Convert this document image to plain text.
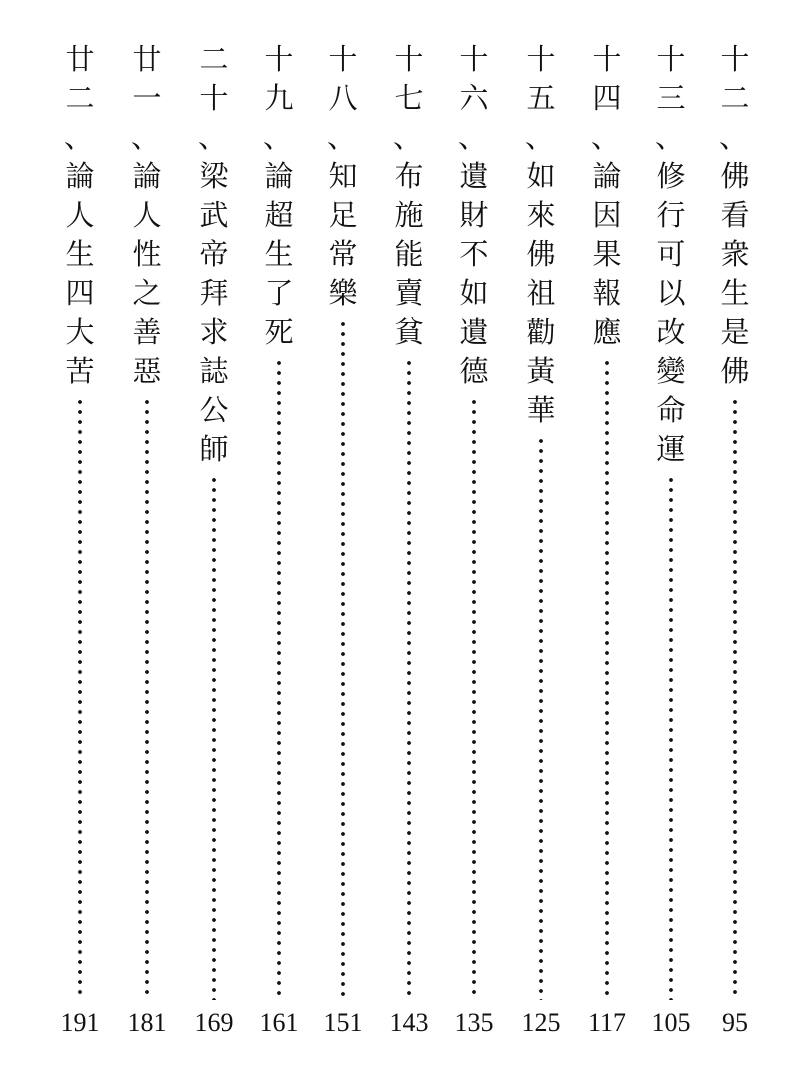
十
二
、
佛
看
衆
生
是
佛
95
十
三
、
修
行
可
以
改
變
命
運
105
十
四
、
論
因
果
報
應
117
十
五
、
如
來
佛
祖
勸
黃
華
125
十
六
、
遺
財
不
如
遺
德
135
十
七
、
布
施
能
賣
貧
143
十
八
、
知
足
常
樂
151
十
九
、
論
超
生
了
死
161
二
十
、
梁
武
帝
拜
求
誌
公
師
169
廿
一
、
論
人
性
之
善
惡
181
廿
二
、
論
人
生
四
大
苦
191
